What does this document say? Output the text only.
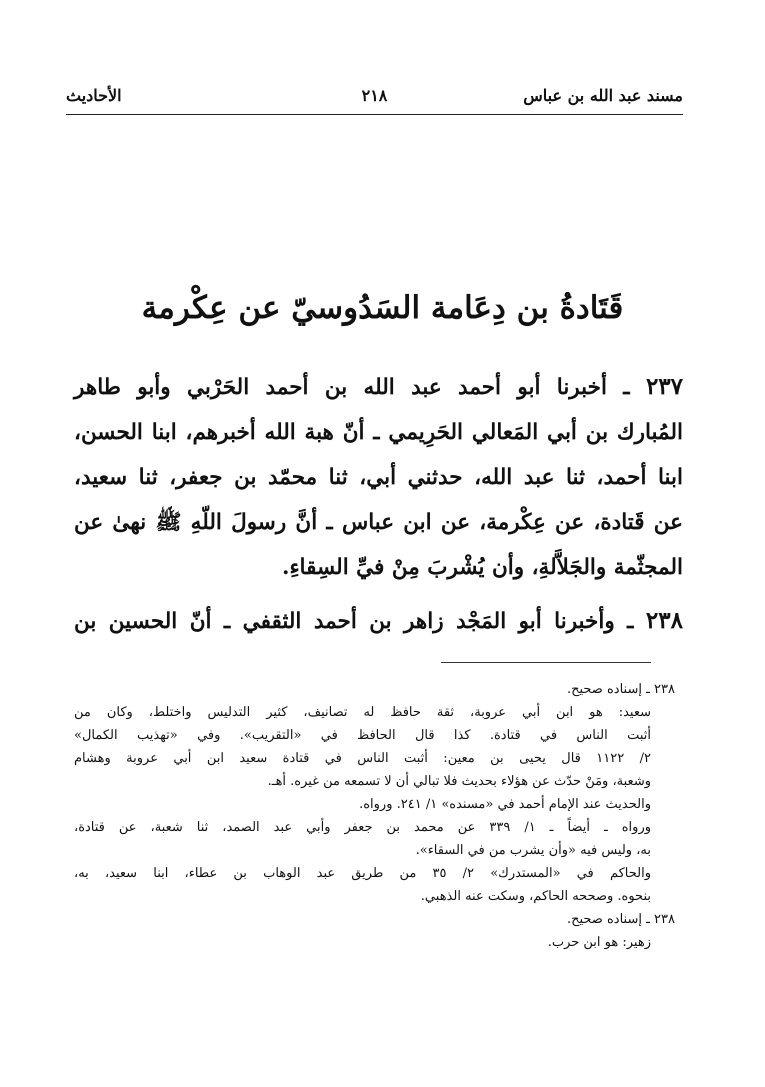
مسند عبد الله بن عباس
٢١٨
الأحاديث
قَتَادةُ بن دِعَامة السَدُوسيّ عن عِكْرمة

٢٣٧ ـ أخبرنا أبو أحمد عبد الله بن أحمد الحَرْبي وأبو طاهر

المُبارك بن أبي المَعالي الحَرِيمي ـ أنّ هبة الله أخبرهم، ابنا الحسن،

ابنا أحمد، ثنا عبد الله، حدثني أبي، ثنا محمّد بن جعفر، ثنا سعيد،

عن قَتادة، عن عِكْرمة، عن ابن عباس ـ أنَّ رسولَ اللّهِ ﷺ نهىٰ عن

المجثّمة والجَلاَّلةِ، وأن يُشْربَ مِنْ فيِّ السِقاءِ.

٢٣٨ ـ وأخبرنا أبو المَجْد زاهر بن أحمد الثقفي ـ أنّ الحسين بن

٢٣٨ ـ إسناده صحيح.

سعيد: هو ابن أبي عروبة، ثقة حافظ له تصانيف، كثير التدليس واختلط، وكان من

أثبت الناس في قتادة. كذا قال الحافظ في «التقريب». وفي «تهذيب الكمال»

٢/ ١١٢٢ قال يحيى بن معين: أثبت الناس في قتادة سعيد ابن أبي عروبة وهشام

وشعبة، ومَنْ حدّث عن هؤلاء بحديث فلا تبالي أن لا تسمعه من غيره. أهـ.

والحديث عند الإمام أحمد في «مسنده» ١/ ٢٤١. ورواه.

ورواه ـ أيضاً ـ ١/ ٣٣٩ عن محمد بن جعفر وأبي عبد الصمد، ثنا شعبة، عن قتادة،

به، وليس فيه «وأن يشرب من في السقاء».

والحاكم في «المستدرك» ٢/ ٣٥ من طريق عبد الوهاب بن عطاء، ابنا سعيد، به،

بنحوه. وصححه الحاكم، وسكت عنه الذهبي.

٢٣٨ ـ إسناده صحيح.

زهير: هو ابن حرب.
